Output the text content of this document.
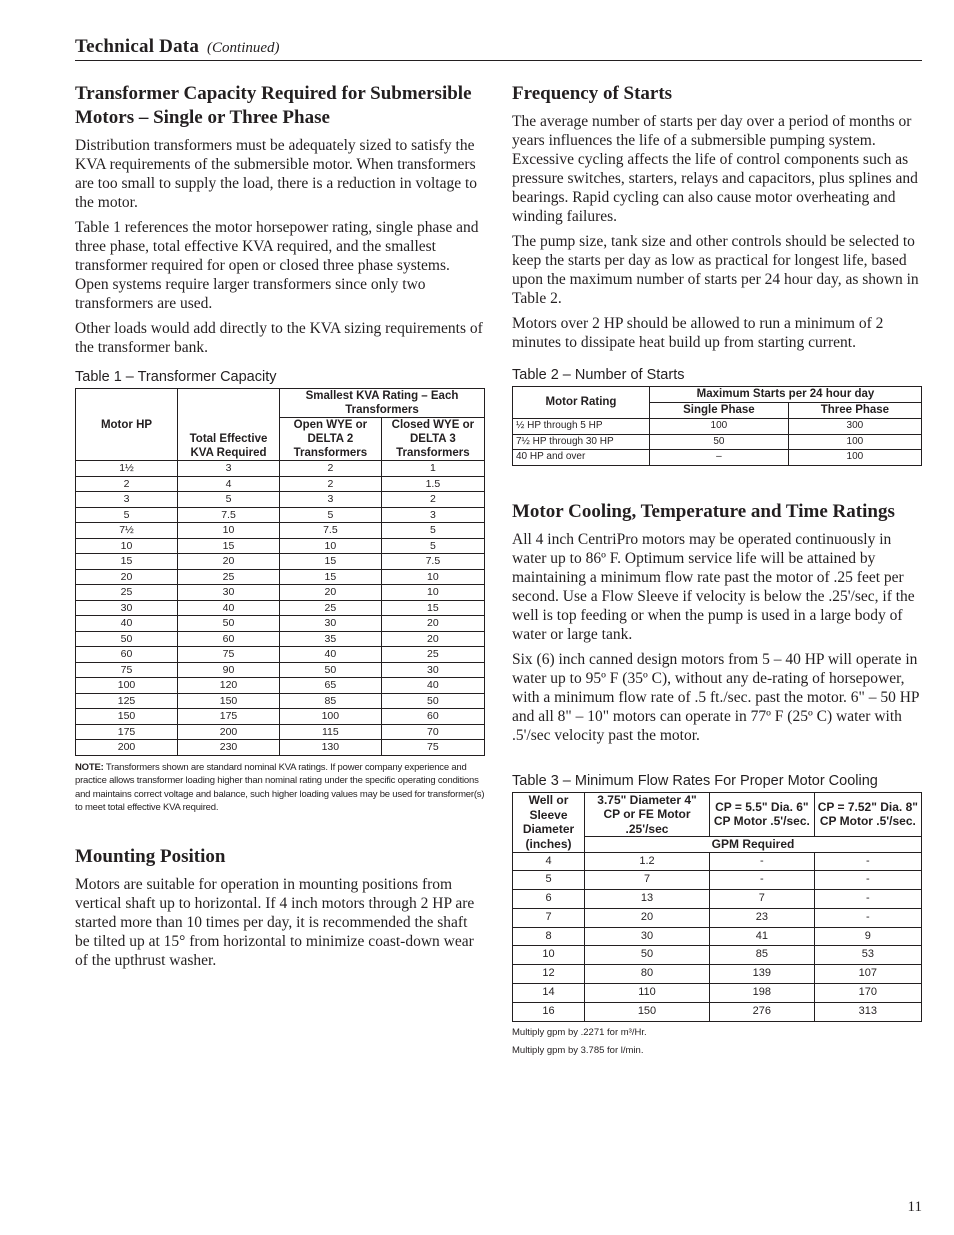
Technical Data (Continued)
Transformer Capacity Required for Submersible Motors – Single or Three Phase

Distribution transformers must be adequately sized to satisfy the KVA requirements of the submersible motor. When transformers are too small to supply the load, there is a reduction in voltage to the motor.

Table 1 references the motor horsepower rating, single phase and three phase, total effective KVA required, and the smallest transformer required for open or closed three phase systems. Open systems require larger transformers since only two transformers are used.

Other loads would add directly to the KVA sizing requirements of the transformer bank.

Table 1 – Transformer Capacity
Motor HP	Total Effective KVA Required	Smallest KVA Rating – Each Transformers	
		Open WYE or DELTA 2 Transformers	Closed WYE or DELTA 3 Transformers
1½	3	2	1
2	4	2	1.5
3	5	3	2
5	7.5	5	3
7½	10	7.5	5
10	15	10	5
15	20	15	7.5
20	25	15	10
25	30	20	10
30	40	25	15
40	50	30	20
50	60	35	20
60	75	40	25
75	90	50	30
100	120	65	40
125	150	85	50
150	175	100	60
175	200	115	70
200	230	130	75
NOTE: Transformers shown are standard nominal KVA ratings. If power company experience and practice allows transformer loading higher than nominal rating under the specific operating conditions and maintains correct voltage and balance, such higher loading values may be used for transformer(s) to meet total effective KVA required.
Mounting Position

Motors are suitable for operation in mounting positions from vertical shaft up to horizontal. If 4 inch motors through 2 HP are started more than 10 times per day, it is recommended the shaft be tilted up at 15° from horizontal to minimize coast-down wear of the upthrust washer.

Frequency of Starts

The average number of starts per day over a period of months or years influences the life of a submersible pumping system. Excessive cycling affects the life of control components such as pressure switches, starters, relays and capacitors, plus splines and bearings. Rapid cycling can also cause motor overheating and winding failures.

The pump size, tank size and other controls should be selected to keep the starts per day as low as practical for longest life, based upon the maximum number of starts per 24 hour day, as shown in Table 2.

Motors over 2 HP should be allowed to run a minimum of 2 minutes to dissipate heat build up from starting current.

Table 2 – Number of Starts
Motor Rating	Maximum Starts per 24 hour day	
	Single Phase	Three Phase
½ HP through 5 HP	100	300
7½ HP through 30 HP	50	100
40 HP and over	–	100
Motor Cooling, Temperature and Time Ratings

All 4 inch CentriPro motors may be operated continuously in water up to 86º F. Optimum service life will be attained by maintaining a minimum flow rate past the motor of .25 feet per second. Use a Flow Sleeve if velocity is below the .25'/sec, if the well is top feeding or when the pump is used in a large body of water or large tank.

Six (6) inch canned design motors from 5 – 40 HP will operate in water up to 95º F (35º C), without any de-rating of horsepower, with a minimum flow rate of .5 ft./sec. past the motor. 6" – 50 HP and all 8" – 10" motors can operate in 77º F (25º C) water with .5'/sec velocity past the motor.

Table 3 – Minimum Flow Rates For Proper Motor Cooling
Well or Sleeve Diameter (inches)	3.75" Diameter 4" CP or FE Motor .25'/sec	CP = 5.5" Dia. 6" CP Motor .5'/sec.	CP = 7.52" Dia. 8" CP Motor .5'/sec.
	GPM Required		
4	1.2	-	-
5	7	-	-
6	13	7	-
7	20	23	-
8	30	41	9
10	50	85	53
12	80	139	107
14	110	198	170
16	150	276	313
Multiply gpm by .2271 for m³/Hr.
Multiply gpm by 3.785 for l/min.
11
